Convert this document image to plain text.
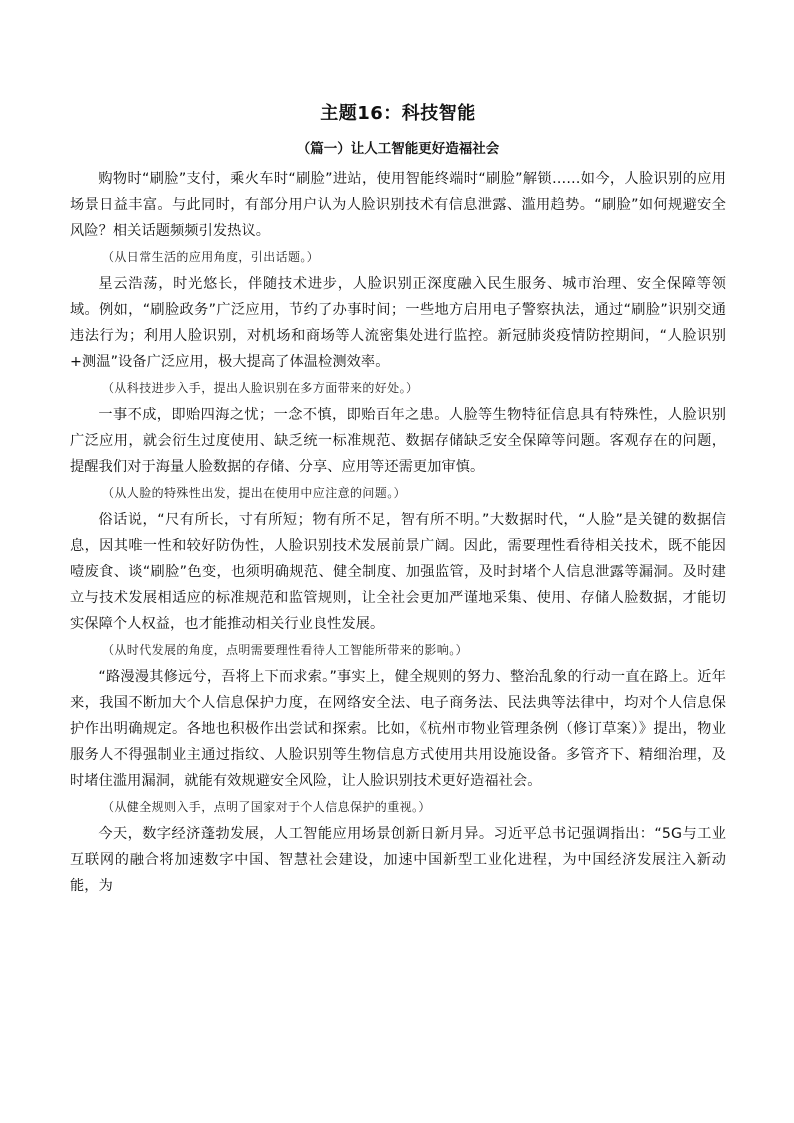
主题16：科技智能
（篇一）让人工智能更好造福社会

购物时“刷脸”支付，乘火车时“刷脸”进站，使用智能终端时“刷脸”解锁……如今，人脸识别的应用场景日益丰富。与此同时，有部分用户认为人脸识别技术有信息泄露、滥用趋势。“刷脸”如何规避安全风险？相关话题频频引发热议。

（从日常生活的应用角度，引出话题。）

星云浩荡，时光悠长，伴随技术进步，人脸识别正深度融入民生服务、城市治理、安全保障等领域。例如，“刷脸政务”广泛应用，节约了办事时间；一些地方启用电子警察执法，通过“刷脸”识别交通违法行为；利用人脸识别，对机场和商场等人流密集处进行监控。新冠肺炎疫情防控期间，“人脸识别+测温”设备广泛应用，极大提高了体温检测效率。

（从科技进步入手，提出人脸识别在多方面带来的好处。）

一事不成，即贻四海之忧；一念不慎，即贻百年之患。人脸等生物特征信息具有特殊性，人脸识别广泛应用，就会衍生过度使用、缺乏统一标准规范、数据存储缺乏安全保障等问题。客观存在的问题，提醒我们对于海量人脸数据的存储、分享、应用等还需更加审慎。

（从人脸的特殊性出发，提出在使用中应注意的问题。）

俗话说，“尺有所长，寸有所短；物有所不足，智有所不明。”大数据时代，“人脸”是关键的数据信息，因其唯一性和较好防伪性，人脸识别技术发展前景广阔。因此，需要理性看待相关技术，既不能因噎废食、谈“刷脸”色变，也须明确规范、健全制度、加强监管，及时封堵个人信息泄露等漏洞。及时建立与技术发展相适应的标准规范和监管规则，让全社会更加严谨地采集、使用、存储人脸数据，才能切实保障个人权益，也才能推动相关行业良性发展。

（从时代发展的角度，点明需要理性看待人工智能所带来的影响。）

“路漫漫其修远兮，吾将上下而求索。”事实上，健全规则的努力、整治乱象的行动一直在路上。近年来，我国不断加大个人信息保护力度，在网络安全法、电子商务法、民法典等法律中，均对个人信息保护作出明确规定。各地也积极作出尝试和探索。比如，《杭州市物业管理条例（修订草案）》提出，物业服务人不得强制业主通过指纹、人脸识别等生物信息方式使用共用设施设备。多管齐下、精细治理，及时堵住滥用漏洞，就能有效规避安全风险，让人脸识别技术更好造福社会。

（从健全规则入手，点明了国家对于个人信息保护的重视。）

今天，数字经济蓬勃发展，人工智能应用场景创新日新月异。习近平总书记强调指出：“5G与工业互联网的融合将加速数字中国、智慧社会建设，加速中国新型工业化进程，为中国经济发展注入新动能，为
